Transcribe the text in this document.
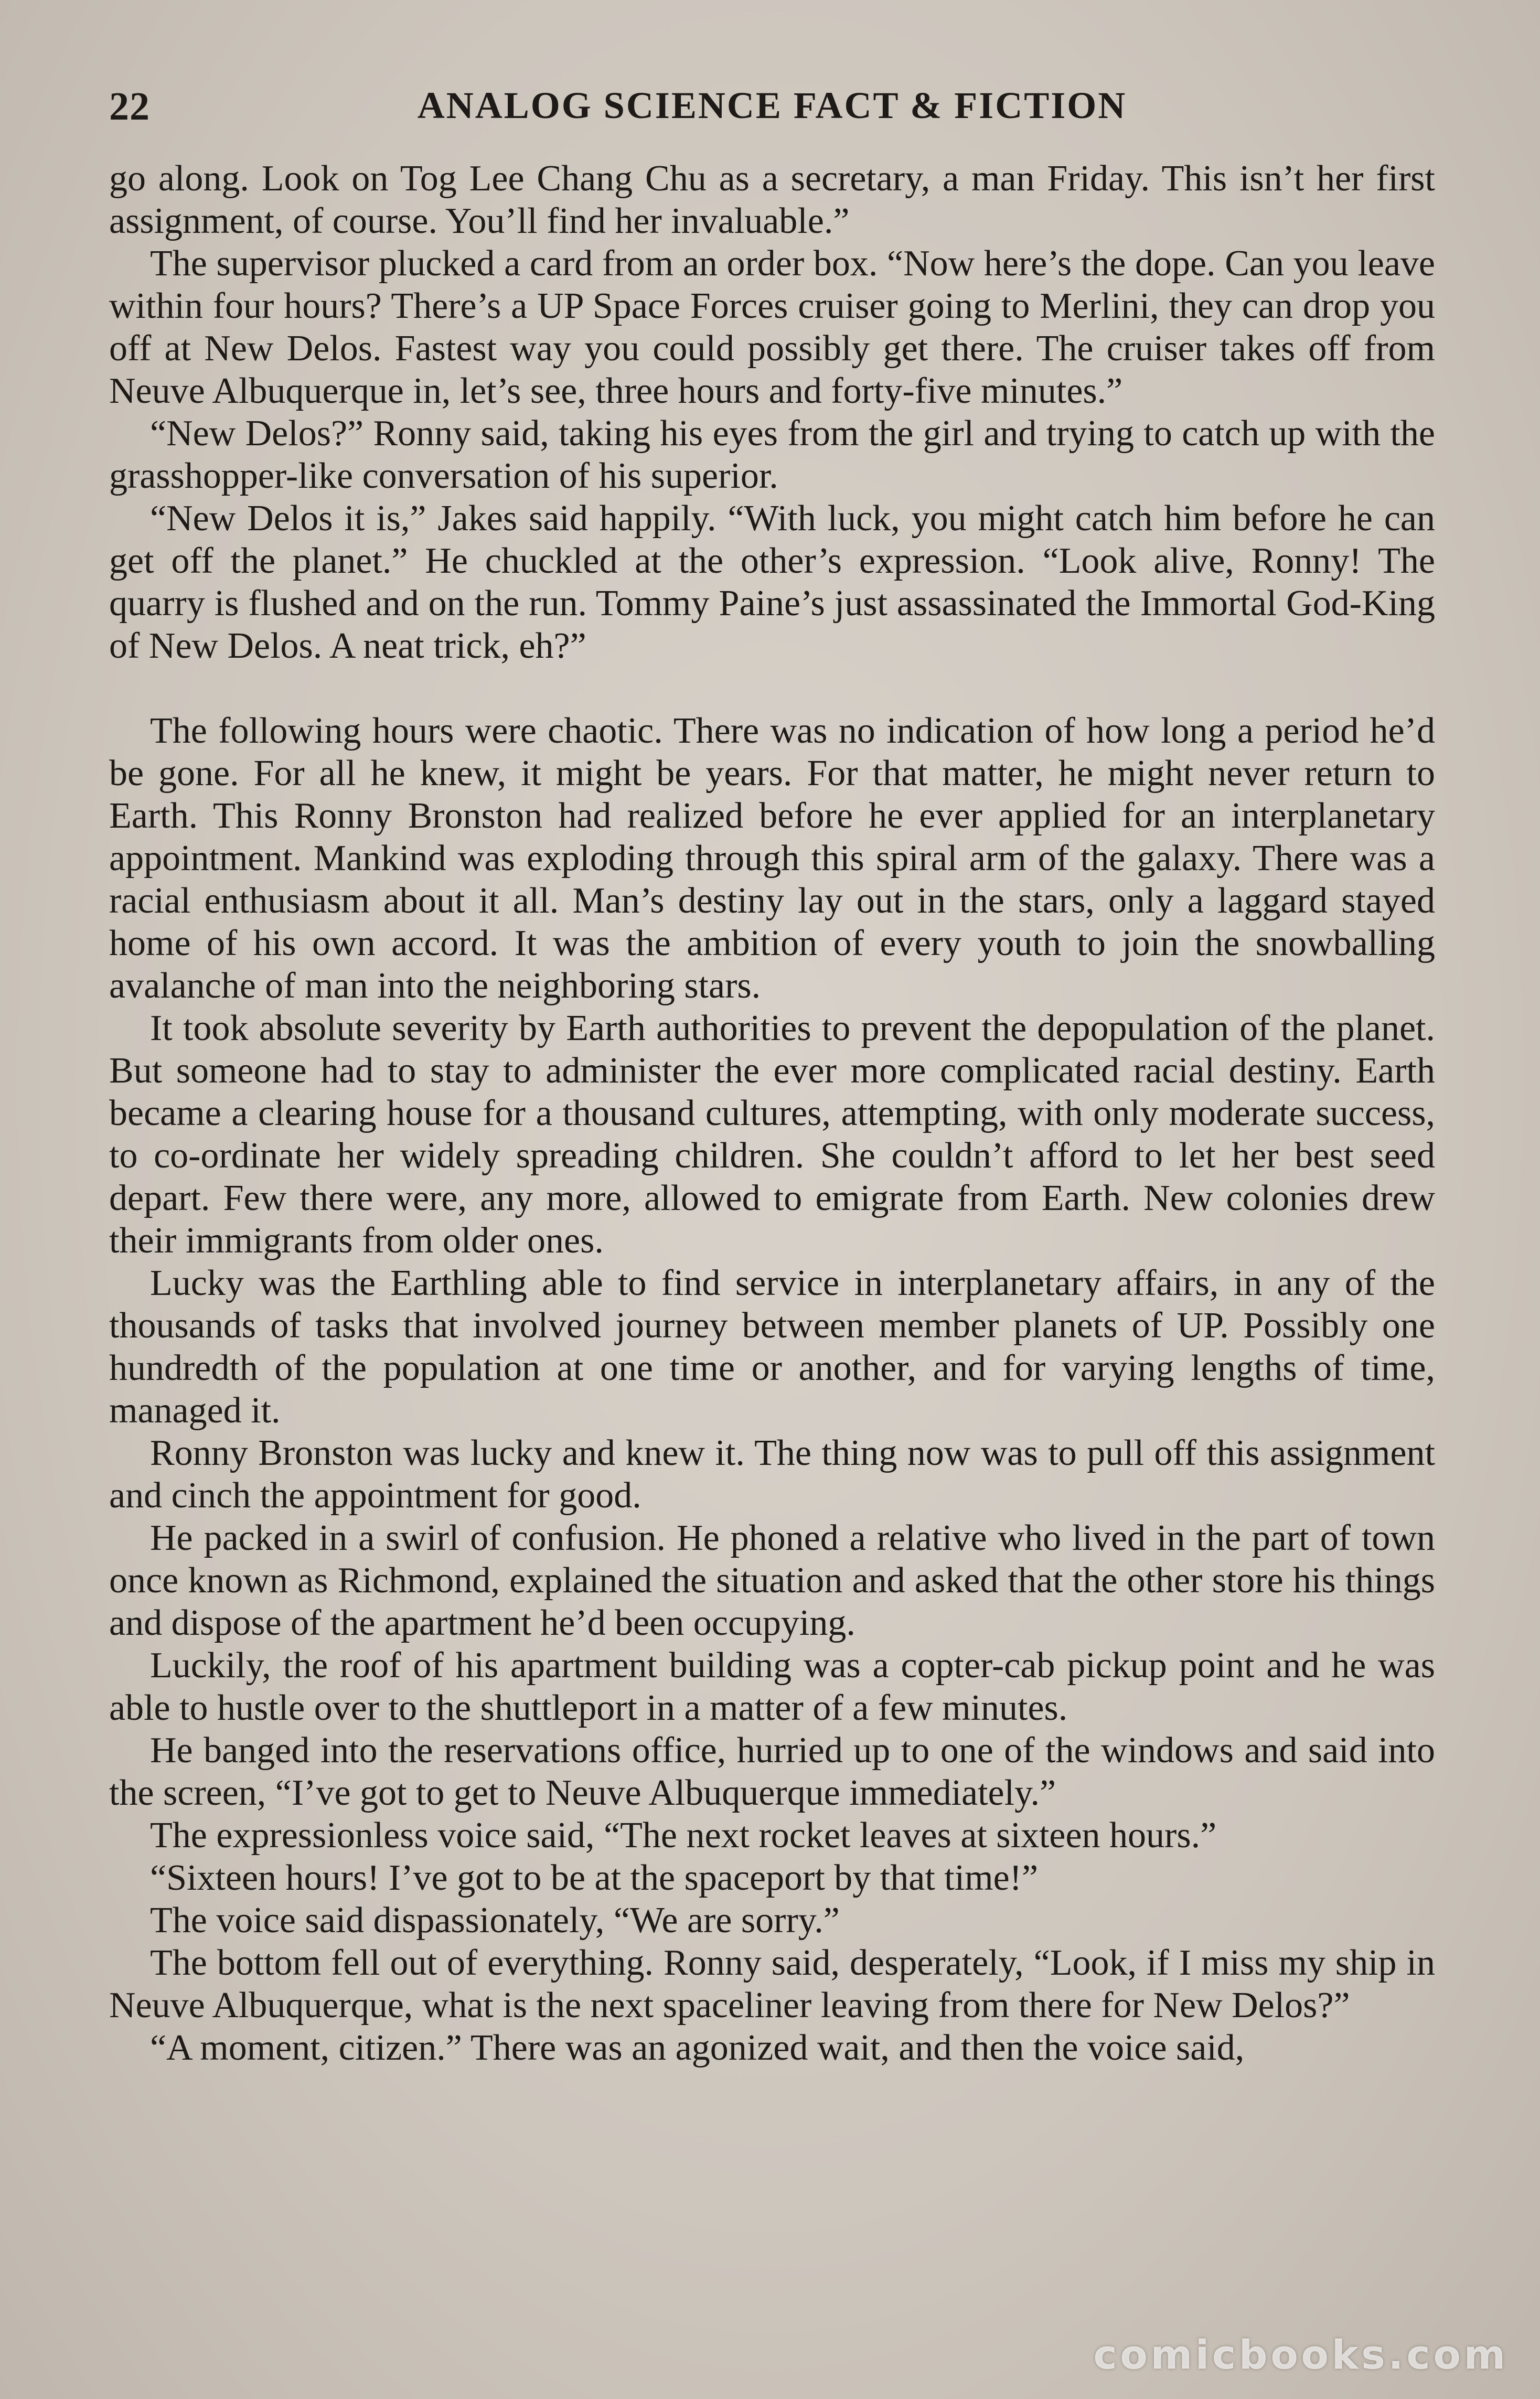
22	ANALOG SCIENCE FACT & FICTION

go along. Look on Tog Lee Chang Chu as a secretary, a man Friday. This isn’t her first assignment, of course. You’ll find her invaluable.”

The supervisor plucked a card from an order box. “Now here’s the dope. Can you leave within four hours? There’s a UP Space Forces cruiser going to Merlini, they can drop you off at New Delos. Fastest way you could possibly get there. The cruiser takes off from Neuve Albuquerque in, let’s see, three hours and forty-five minutes.”

“New Delos?” Ronny said, taking his eyes from the girl and trying to catch up with the grasshopper-like conversation of his superior.

“New Delos it is,” Jakes said happily. “With luck, you might catch him before he can get off the planet.” He chuckled at the other’s expression. “Look alive, Ronny! The quarry is flushed and on the run. Tommy Paine’s just assassinated the Immortal God-King of New Delos. A neat trick, eh?”

The following hours were chaotic. There was no indication of how long a period he’d be gone. For all he knew, it might be years. For that matter, he might never return to Earth. This Ronny Bronston had realized before he ever applied for an interplanetary appointment. Mankind was exploding through this spiral arm of the galaxy. There was a racial enthusiasm about it all. Man’s destiny lay out in the stars, only a laggard stayed home of his own accord. It was the ambition of every youth to join the snowballing avalanche of man into the neighboring stars.

It took absolute severity by Earth authorities to prevent the depopulation of the planet. But someone had to stay to administer the ever more complicated racial destiny. Earth became a clearing house for a thousand cultures, attempting, with only moderate success, to co-ordinate her widely spreading children. She couldn’t afford to let her best seed depart. Few there were, any more, allowed to emigrate from Earth. New colonies drew their immigrants from older ones.

Lucky was the Earthling able to find service in interplanetary affairs, in any of the thousands of tasks that involved journey between member planets of UP. Possibly one hundredth of the population at one time or another, and for varying lengths of time, managed it.

Ronny Bronston was lucky and knew it. The thing now was to pull off this assignment and cinch the appointment for good.

He packed in a swirl of confusion. He phoned a relative who lived in the part of town once known as Richmond, explained the situation and asked that the other store his things and dispose of the apartment he’d been occupying.

Luckily, the roof of his apartment building was a copter-cab pickup point and he was able to hustle over to the shuttleport in a matter of a few minutes.

He banged into the reservations office, hurried up to one of the windows and said into the screen, “I’ve got to get to Neuve Albuquerque immediately.”

The expressionless voice said, “The next rocket leaves at sixteen hours.”

“Sixteen hours! I’ve got to be at the spaceport by that time!”

The voice said dispassionately, “We are sorry.”

The bottom fell out of everything. Ronny said, desperately, “Look, if I miss my ship in Neuve Albuquerque, what is the next spaceliner leaving from there for New Delos?”

“A moment, citizen.” There was an agonized wait, and then the voice said,

comicbooks.com
